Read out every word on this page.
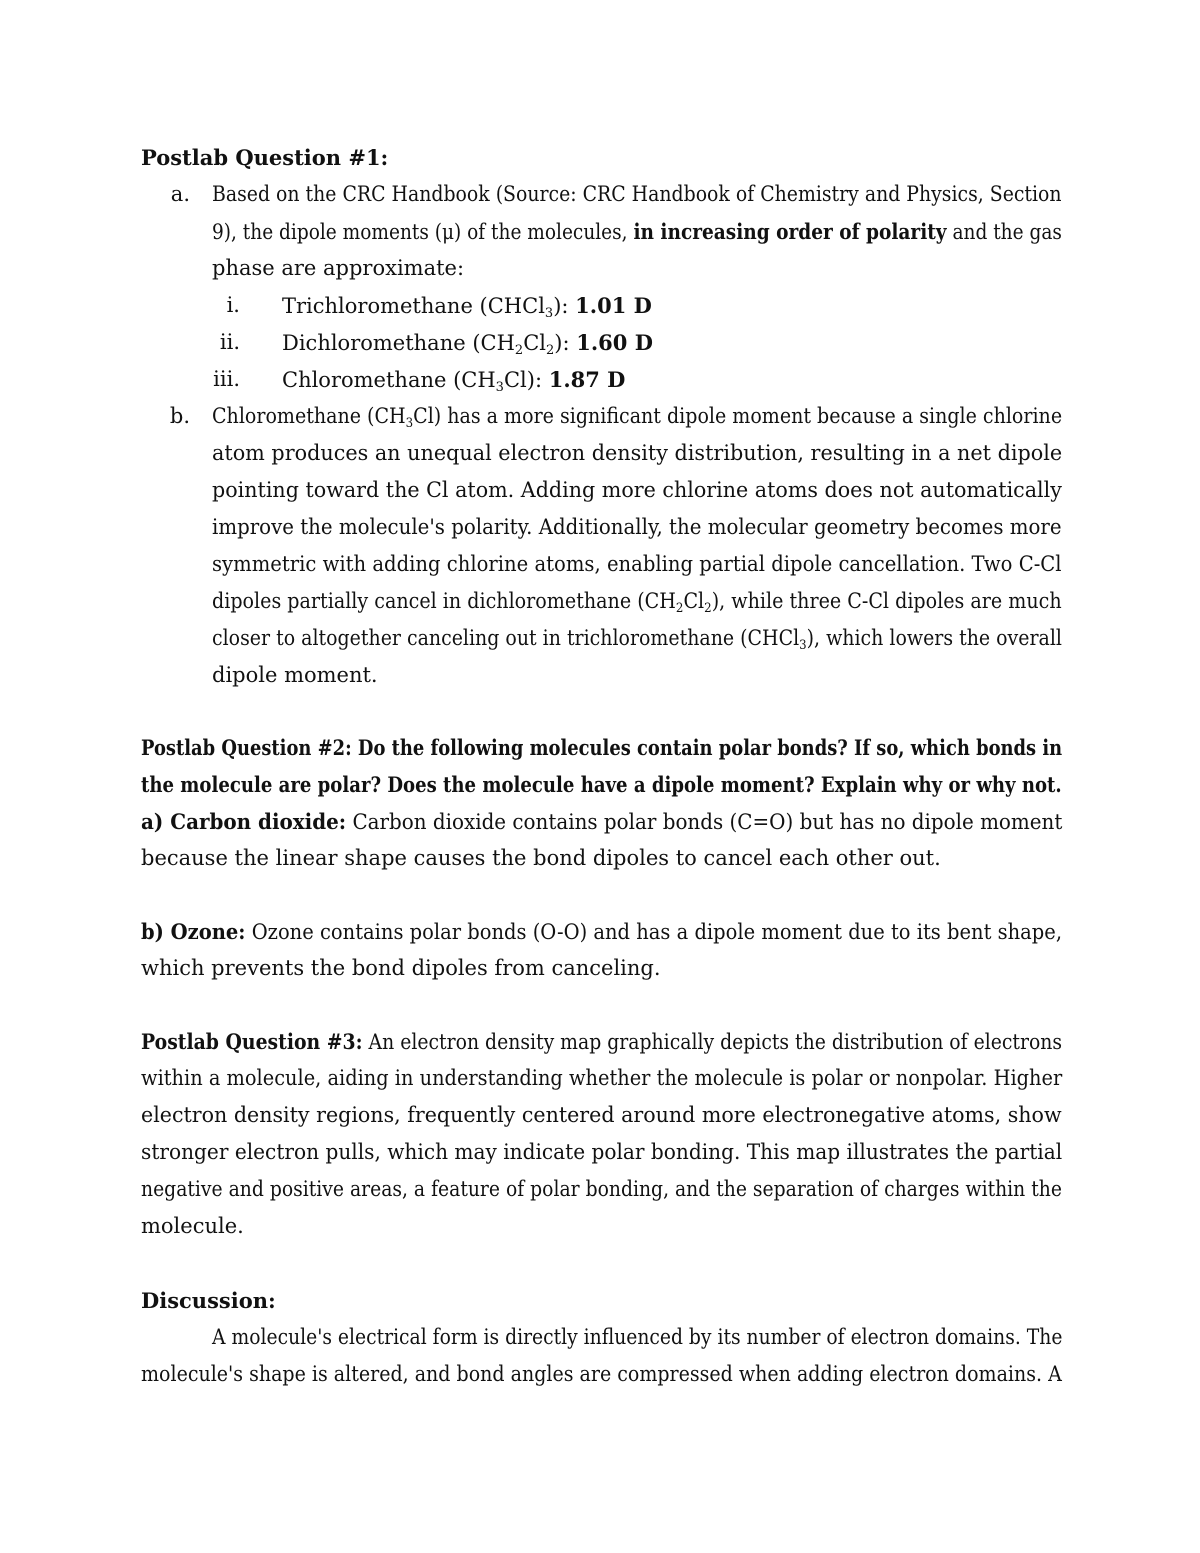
Postlab Question #1:
a. Based on the CRC Handbook (Source: CRC Handbook of Chemistry and Physics, Section
9), the dipole moments (μ) of the molecules, in increasing order of polarity and the gas
phase are approximate:
i. Trichloromethane (CHCl$_3$): 1.01 D
ii. Dichloromethane $(CH_2Cl_2)$: 1.60 D
iii. Chloromethane $(CH_3Cl)$: 1.87 D
b. Chloromethane $(CH_3Cl)$ has a more significant dipole moment because a single chlorine
atom produces an unequal electron density distribution, resulting in a net dipole
pointing toward the Cl atom. Adding more chlorine atoms does not automatically
improve the molecule's polarity. Additionally, the molecular geometry becomes more
symmetric with adding chlorine atoms, enabling partial dipole cancellation. Two C-Cl
dipoles partially cancel in dichloromethane $(CH_2Cl_2)$, while three C-Cl dipoles are much
closer to altogether canceling out in trichloromethane (CHCl$_3$), which lowers the overall
dipole moment.
Postlab Question #2: Do the following molecules contain polar bonds? If so, which bonds in
the molecule are polar? Does the molecule have a dipole moment? Explain why or why not.
a) Carbon dioxide: Carbon dioxide contains polar bonds (C=O) but has no dipole moment
because the linear shape causes the bond dipoles to cancel each other out.
b) Ozone: Ozone contains polar bonds (O-O) and has a dipole moment due to its bent shape,
which prevents the bond dipoles from canceling.
Postlab Question #3: An electron density map graphically depicts the distribution of electrons
within a molecule, aiding in understanding whether the molecule is polar or nonpolar. Higher
electron density regions, frequently centered around more electronegative atoms, show
stronger electron pulls, which may indicate polar bonding. This map illustrates the partial
negative and positive areas, a feature of polar bonding, and the separation of charges within the
molecule.
Discussion:
A molecule's electrical form is directly influenced by its number of electron domains. The
molecule's shape is altered, and bond angles are compressed when adding electron domains. A
